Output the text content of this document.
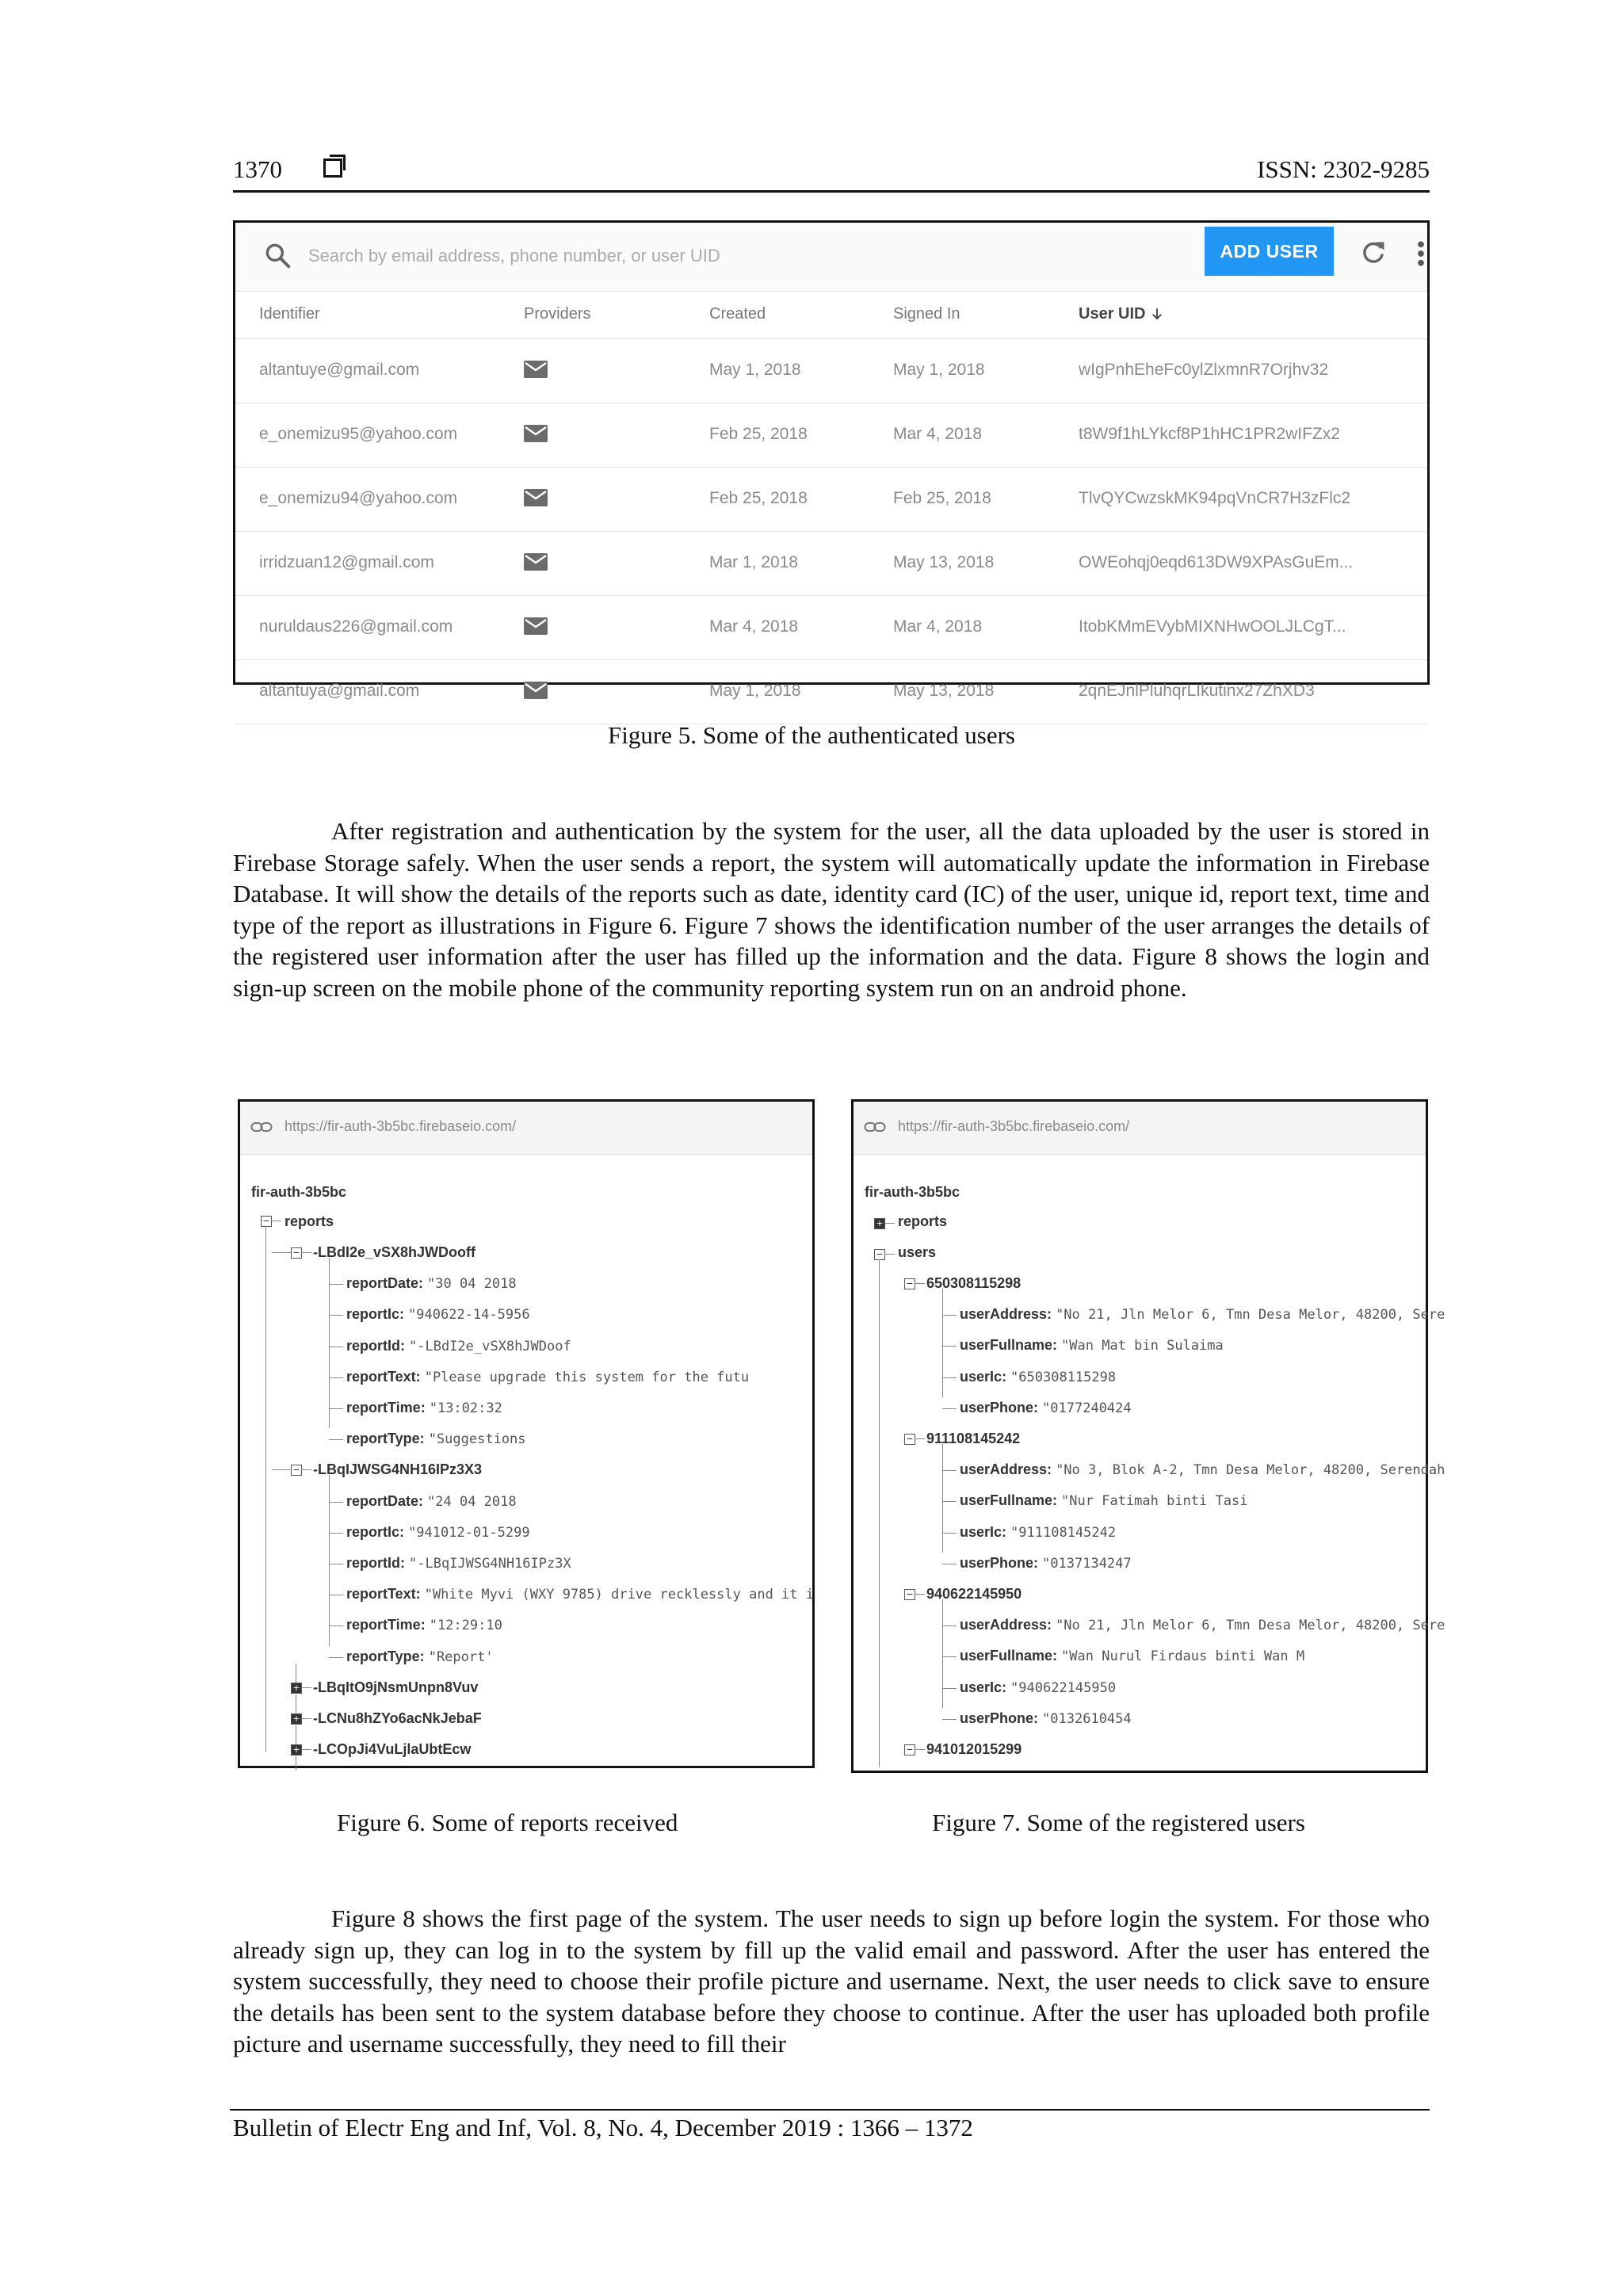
1370	ISSN: 2302-9285
Search by email address, phone number, or user UID
ADD USER
Identifier	Providers	Created	Signed In	User UID
altantuye@gmail.com	May 1, 2018	May 1, 2018	wIgPnhEheFc0ylZlxmnR7Orjhv32
e_onemizu95@yahoo.com	Feb 25, 2018	Mar 4, 2018	t8W9f1hLYkcf8P1hHC1PR2wIFZx2
e_onemizu94@yahoo.com	Feb 25, 2018	Feb 25, 2018	TlvQYCwzskMK94pqVnCR7H3zFlc2
irridzuan12@gmail.com	Mar 1, 2018	May 13, 2018	OWEohqj0eqd613DW9XPAsGuEm...
nuruldaus226@gmail.com	Mar 4, 2018	Mar 4, 2018	ItobKMmEVybMIXNHwOOLJLCgT...
altantuya@gmail.com	May 1, 2018	May 13, 2018	2qnEJnlPluhqrLIkutinx27ZhXD3
Figure 5. Some of the authenticated users
After registration and authentication by the system for the user, all the data uploaded by the user is stored in Firebase Storage safely. When the user sends a report, the system will automatically update the information in Firebase Database. It will show the details of the reports such as date, identity card (IC) of the user, unique id, report text, time and type of the report as illustrations in Figure 6. Figure 7 shows the identification number of the user arranges the details of the registered user information after the user has filled up the information and the data. Figure 8 shows the login and sign-up screen on the mobile phone of the community reporting system run on an android phone.
https://fir-auth-3b5bc.firebaseio.com/
fir-auth-3b5bc
− reports
− -LBdI2e_vSX8hJWDooff
reportDate: "30 04 2018
reportIc: "940622-14-5956
reportId: "-LBdI2e_vSX8hJWDoof
reportText: "Please upgrade this system for the futu
reportTime: "13:02:32
reportType: "Suggestions
− -LBqIJWSG4NH16IPz3X3
reportDate: "24 04 2018
reportIc: "941012-01-5299
reportId: "-LBqIJWSG4NH16IPz3X
reportText: "White Myvi (WXY 9785) drive recklessly and it i
reportTime: "12:29:10
reportType: "Report'
+ -LBqItO9jNsmUnpn8Vuv
+ -LCNu8hZYo6acNkJebaF
+ -LCOpJi4VuLjlaUbtEcw
https://fir-auth-3b5bc.firebaseio.com/
fir-auth-3b5bc
+ reports
− users
− 650308115298
userAddress: "No 21, Jln Melor 6, Tmn Desa Melor, 48200, Sere
userFullname: "Wan Mat bin Sulaima
userIc: "650308115298
userPhone: "0177240424
− 911108145242
userAddress: "No 3, Blok A-2, Tmn Desa Melor, 48200, Serendah
userFullname: "Nur Fatimah binti Tasi
userIc: "911108145242
userPhone: "0137134247
− 940622145950
userAddress: "No 21, Jln Melor 6, Tmn Desa Melor, 48200, Sere
userFullname: "Wan Nurul Firdaus binti Wan M
userIc: "940622145950
userPhone: "0132610454
− 941012015299
Figure 6. Some of reports received	Figure 7. Some of the registered users
Figure 8 shows the first page of the system. The user needs to sign up before login the system. For those who already sign up, they can log in to the system by fill up the valid email and password. After the user has entered the system successfully, they need to choose their profile picture and username. Next, the user needs to click save to ensure the details has been sent to the system database before they choose to continue. After the user has uploaded both profile picture and username successfully, they need to fill their
Bulletin of Electr Eng and Inf, Vol. 8, No. 4, December 2019 : 1366 – 1372
